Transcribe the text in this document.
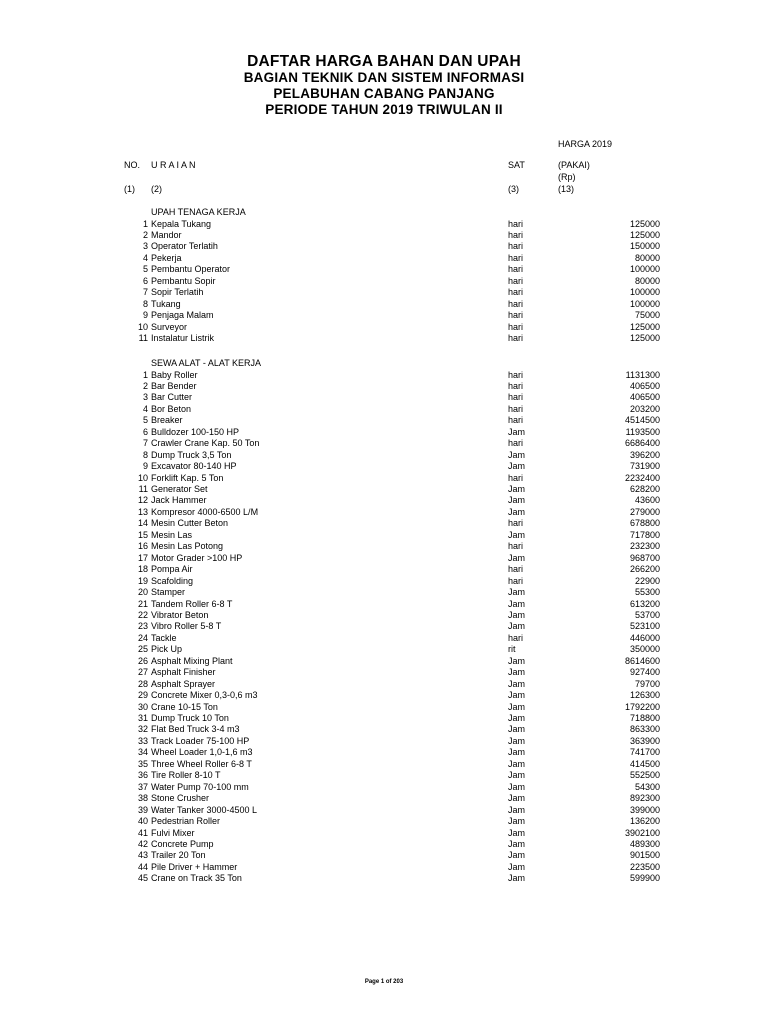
DAFTAR HARGA BAHAN DAN UPAH
BAGIAN TEKNIK DAN SISTEM INFORMASI
PELABUHAN CABANG PANJANG
PERIODE TAHUN 2019 TRIWULAN II
HARGA 2019
NO. U R A I A N	SAT	(PAKAI)
(Rp)
(1) (2)	(3)	(13)
UPAH TENAGA KERJA
1 Kepala Tukang	hari	125000
2 Mandor	hari	125000
3 Operator Terlatih	hari	150000
4 Pekerja	hari	80000
5 Pembantu Operator	hari	100000
6 Pembantu Sopir	hari	80000
7 Sopir Terlatih	hari	100000
8 Tukang	hari	100000
9 Penjaga Malam	hari	75000
10 Surveyor	hari	125000
11 Instalatur Listrik	hari	125000
SEWA ALAT - ALAT KERJA
1 Baby Roller	hari	1131300
2 Bar Bender	hari	406500
3 Bar Cutter	hari	406500
4 Bor Beton	hari	203200
5 Breaker	hari	4514500
6 Bulldozer 100-150 HP	Jam	1193500
7 Crawler Crane Kap. 50 Ton	hari	6686400
8 Dump Truck 3,5 Ton	Jam	396200
9 Excavator 80-140 HP	Jam	731900
10 Forklift Kap. 5 Ton	hari	2232400
11 Generator Set	Jam	628200
12 Jack Hammer	Jam	43600
13 Kompresor 4000-6500 L/M	Jam	279000
14 Mesin Cutter Beton	hari	678800
15 Mesin Las	Jam	717800
16 Mesin Las Potong	hari	232300
17 Motor Grader >100 HP	Jam	968700
18 Pompa Air	hari	266200
19 Scafolding	hari	22900
20 Stamper	Jam	55300
21 Tandem Roller 6-8 T	Jam	613200
22 Vibrator Beton	Jam	53700
23 Vibro Roller 5-8 T	Jam	523100
24 Tackle	hari	446000
25 Pick Up	rit	350000
26 Asphalt Mixing Plant	Jam	8614600
27 Asphalt Finisher	Jam	927400
28 Asphalt Sprayer	Jam	79700
29 Concrete Mixer 0,3-0,6 m3	Jam	126300
30 Crane 10-15 Ton	Jam	1792200
31 Dump Truck 10 Ton	Jam	718800
32 Flat Bed Truck 3-4 m3	Jam	863300
33 Track Loader 75-100 HP	Jam	363900
34 Wheel Loader 1,0-1,6 m3	Jam	741700
35 Three Wheel Roller 6-8 T	Jam	414500
36 Tire Roller 8-10 T	Jam	552500
37 Water Pump 70-100 mm	Jam	54300
38 Stone Crusher	Jam	892300
39 Water Tanker 3000-4500 L	Jam	399000
40 Pedestrian Roller	Jam	136200
41 Fulvi Mixer	Jam	3902100
42 Concrete Pump	Jam	489300
43 Trailer 20 Ton	Jam	901500
44 Pile Driver + Hammer	Jam	223500
45 Crane on Track 35 Ton	Jam	599900
Page 1 of 203
